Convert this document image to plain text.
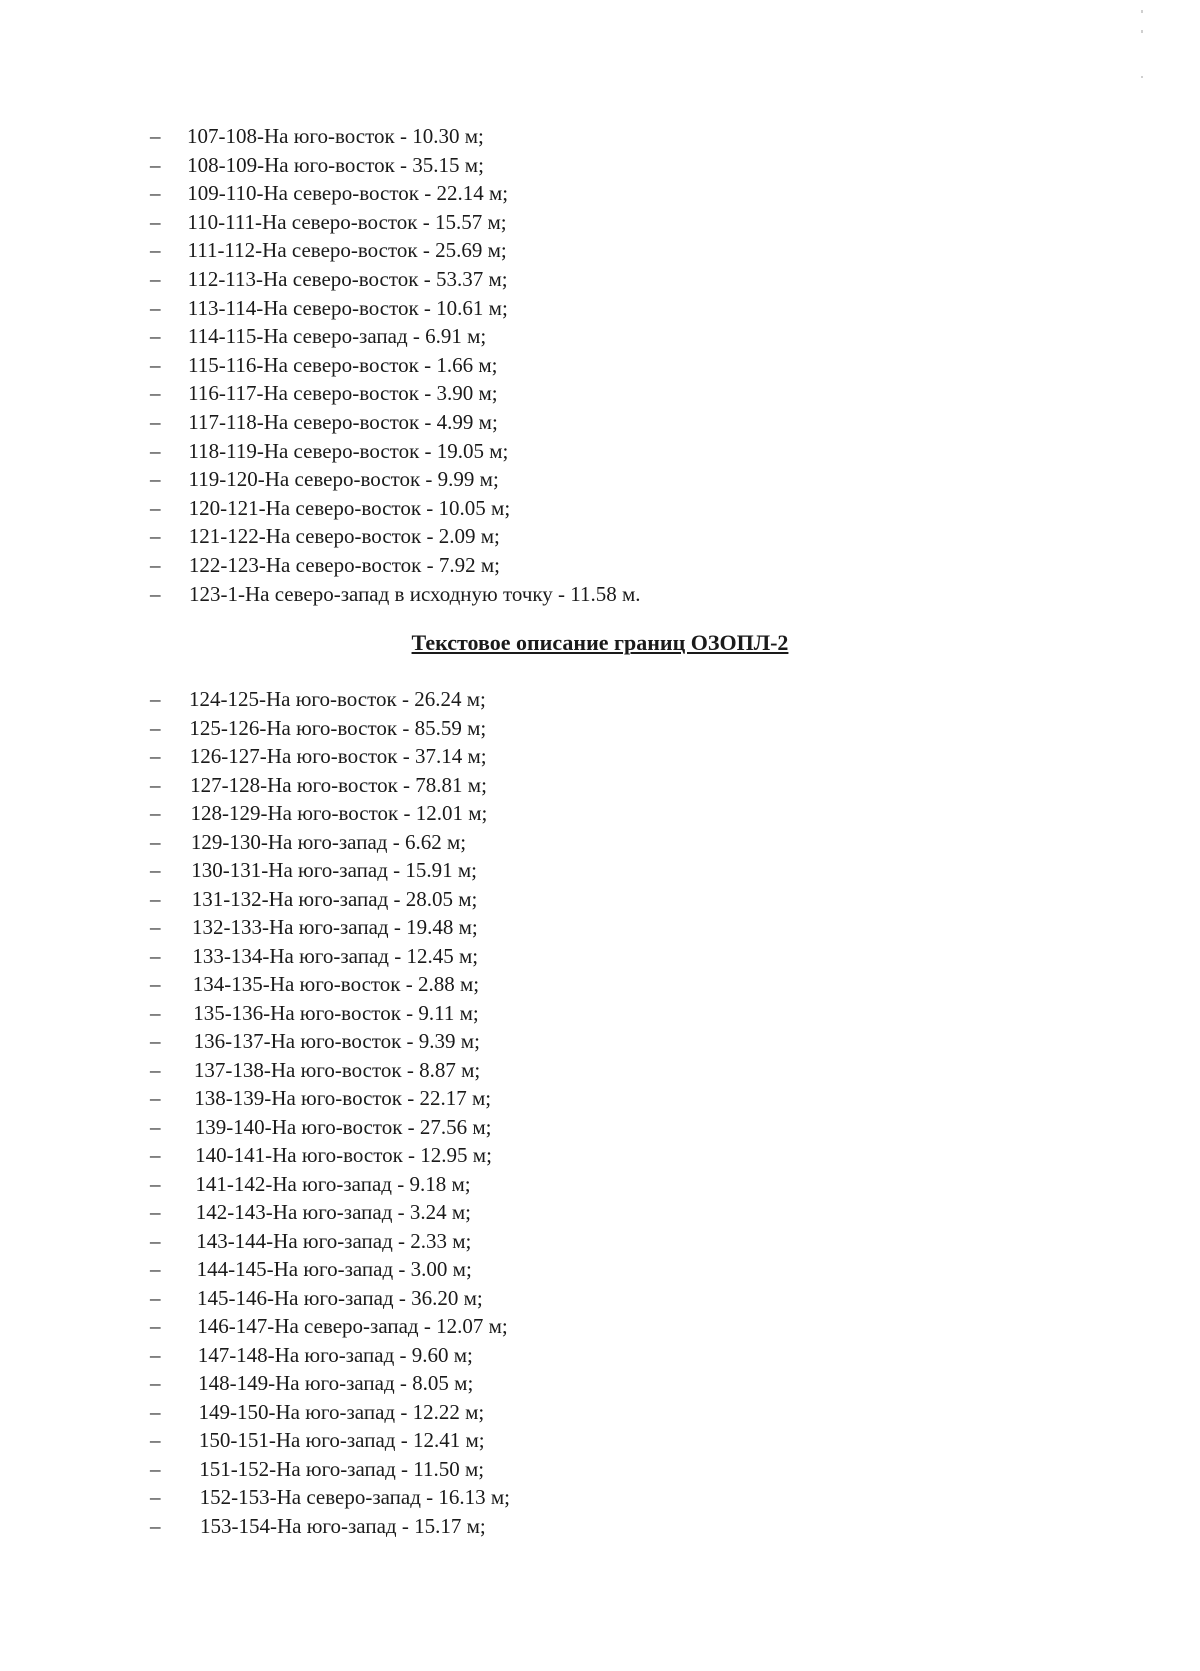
– 107-108-На юго-восток - 10.30 м;
– 108-109-На юго-восток - 35.15 м;
– 109-110-На северо-восток - 22.14 м;
– 110-111-На северо-восток - 15.57 м;
– 111-112-На северо-восток - 25.69 м;
– 112-113-На северо-восток - 53.37 м;
– 113-114-На северо-восток - 10.61 м;
– 114-115-На северо-запад - 6.91 м;
– 115-116-На северо-восток - 1.66 м;
– 116-117-На северо-восток - 3.90 м;
– 117-118-На северо-восток - 4.99 м;
– 118-119-На северо-восток - 19.05 м;
– 119-120-На северо-восток - 9.99 м;
– 120-121-На северо-восток - 10.05 м;
– 121-122-На северо-восток - 2.09 м;
– 122-123-На северо-восток - 7.92 м;
– 123-1-На северо-запад в исходную точку - 11.58 м.
Текстовое описание границ ОЗОПЛ-2
– 124-125-На юго-восток - 26.24 м;
– 125-126-На юго-восток - 85.59 м;
– 126-127-На юго-восток - 37.14 м;
– 127-128-На юго-восток - 78.81 м;
– 128-129-На юго-восток - 12.01 м;
– 129-130-На юго-запад - 6.62 м;
– 130-131-На юго-запад - 15.91 м;
– 131-132-На юго-запад - 28.05 м;
– 132-133-На юго-запад - 19.48 м;
– 133-134-На юго-запад - 12.45 м;
– 134-135-На юго-восток - 2.88 м;
– 135-136-На юго-восток - 9.11 м;
– 136-137-На юго-восток - 9.39 м;
– 137-138-На юго-восток - 8.87 м;
– 138-139-На юго-восток - 22.17 м;
– 139-140-На юго-восток - 27.56 м;
– 140-141-На юго-восток - 12.95 м;
– 141-142-На юго-запад - 9.18 м;
– 142-143-На юго-запад - 3.24 м;
– 143-144-На юго-запад - 2.33 м;
– 144-145-На юго-запад - 3.00 м;
– 145-146-На юго-запад - 36.20 м;
– 146-147-На северо-запад - 12.07 м;
– 147-148-На юго-запад - 9.60 м;
– 148-149-На юго-запад - 8.05 м;
– 149-150-На юго-запад - 12.22 м;
– 150-151-На юго-запад - 12.41 м;
– 151-152-На юго-запад - 11.50 м;
– 152-153-На северо-запад - 16.13 м;
– 153-154-На юго-запад - 15.17 м;
